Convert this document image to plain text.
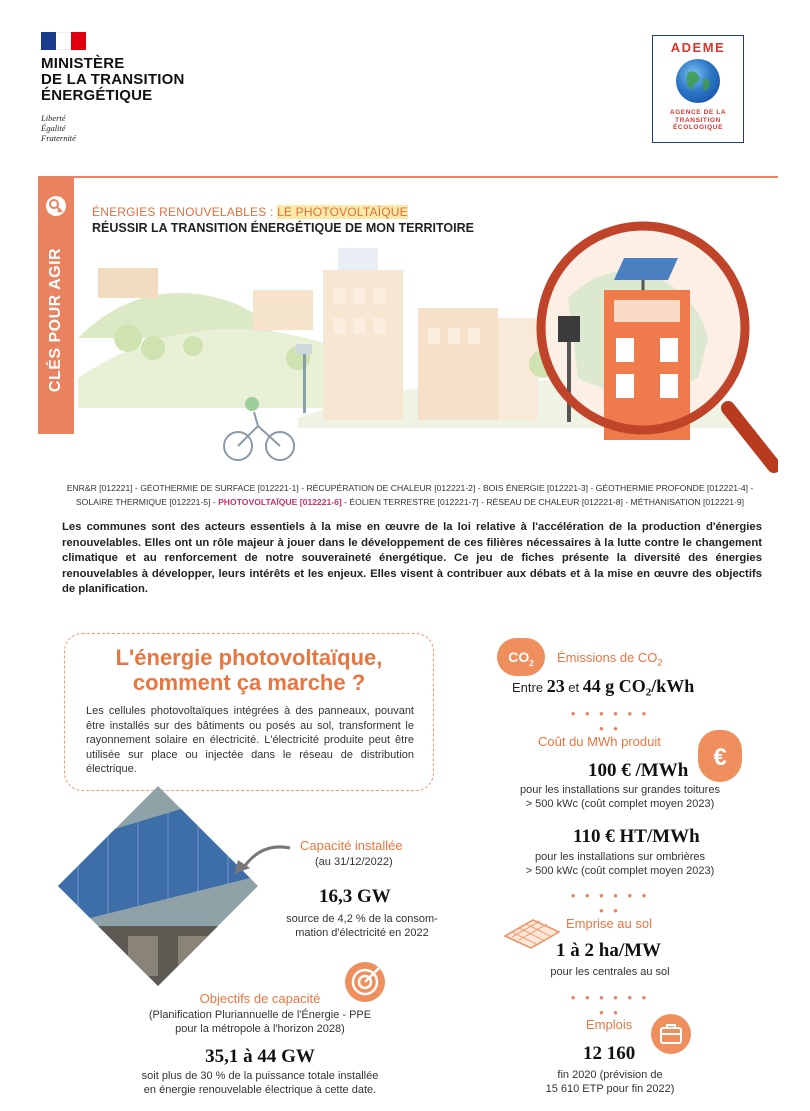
MINISTÈRE
DE LA TRANSITION
ÉNERGÉTIQUE
Liberté
Égalité
Fraternité
ADEME
AGENCE DE LA
TRANSITION
ÉCOLOGIQUE
CLÉS POUR AGIR
ÉNERGIES RENOUVELABLES : LE PHOTOVOLTAÏQUE
RÉUSSIR LA TRANSITION ÉNERGÉTIQUE DE MON TERRITOIRE
ENR&R [012221] - GÉOTHERMIE DE SURFACE [012221-1] - RÉCUPÉRATION DE CHALEUR [012221-2] - BOIS ÉNERGIE [012221-3] - GÉOTHERMIE PROFONDE [012221-4] -
SOLAIRE THERMIQUE [012221-5] - PHOTOVOLTAÏQUE [012221-6] - ÉOLIEN TERRESTRE [012221-7] - RÉSEAU DE CHALEUR [012221-8] - MÉTHANISATION [012221-9]
Les communes sont des acteurs essentiels à la mise en œuvre de la loi relative à l'accélération de la production d'énergies renouvelables. Elles ont un rôle majeur à jouer dans le développement de ces filières nécessaires à la lutte contre le changement climatique et au renforcement de notre souveraineté énergétique. Ce jeu de fiches présente la diversité des énergies renouvelables à développer, leurs intérêts et les enjeux. Elles visent à contribuer aux débats et à la mise en œuvre des objectifs de planification.
L'énergie photovoltaïque,
comment ça marche ?
Les cellules photovoltaïques intégrées à des panneaux, pouvant être installés sur des bâtiments ou posés au sol, transforment le rayonnement solaire en électricité. L'électricité produite peut être utilisée sur place ou injectée dans le réseau de distribution électrique.
Capacité installée
(au 31/12/2022)
16,3 GW
source de 4,2 % de la consom-
mation d'électricité en 2022
Objectifs de capacité
(Planification Pluriannuelle de l'Énergie - PPE
pour la métropole à l'horizon 2028)
35,1 à 44 GW
soit plus de 30 % de la puissance totale installée
en énergie renouvelable électrique à cette date.
$CO_2$	Émissions de $CO_2$
Entre 23 et 44 g $CO_2$/kWh
• • • • • • • •
Coût du MWh produit
€
100 € /MWh
pour les installations sur grandes toitures
> 500 kWc (coût complet moyen 2023)
110 € HT/MWh
pour les installations sur ombrières
> 500 kWc (coût complet moyen 2023)
• • • • • • • •
Emprise au sol
1 à 2 ha/MW
pour les centrales au sol
• • • • • • • •
Emplois
12 160
fin 2020 (prévision de
15 610 ETP pour fin 2022)
